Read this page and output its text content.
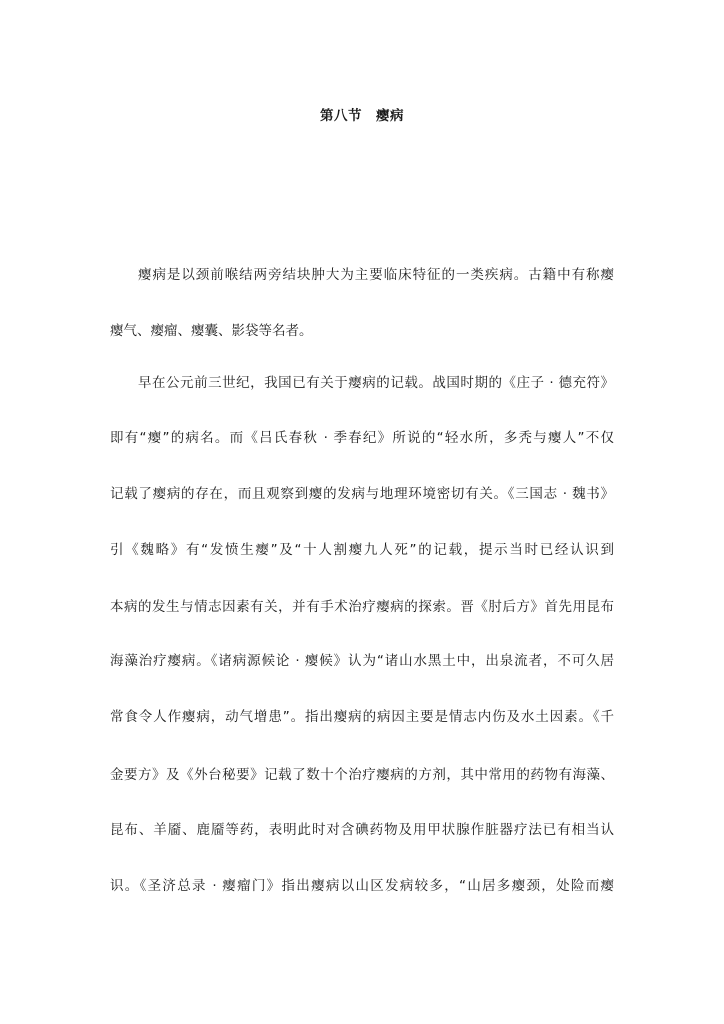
第八节　瘿病
瘿病是以颈前喉结两旁结块肿大为主要临床特征的一类疾病。古籍中有称瘿
瘿气、瘿瘤、瘿囊、影袋等名者。
早在公元前三世纪，我国已有关于瘿病的记载。战国时期的《庄子 · 德充符》
即有“瘿”的病名。而《吕氏春秋 · 季春纪》所说的“轻水所，多秃与瘿人”不仅
记载了瘿病的存在，而且观察到瘿的发病与地理环境密切有关。《三国志 · 魏书》
引《魏略》有“发愤生瘿”及“十人割瘿九人死”的记载，提示当时已经认识到
本病的发生与情志因素有关，并有手术治疗瘿病的探索。晋《肘后方》首先用昆布
海藻治疗瘿病。《诸病源候论 · 瘿候》认为“诸山水黑土中，出泉流者，不可久居
常食令人作瘿病，动气增患”。指出瘿病的病因主要是情志内伤及水土因素。《千
金要方》及《外台秘要》记载了数十个治疗瘿病的方剂，其中常用的药物有海藻、
昆布、羊靥、鹿靥等药，表明此时对含碘药物及用甲状腺作脏器疗法已有相当认
识。《圣济总录 · 瘿瘤门》指出瘿病以山区发病较多，“山居多瘿颈，处险而瘿
